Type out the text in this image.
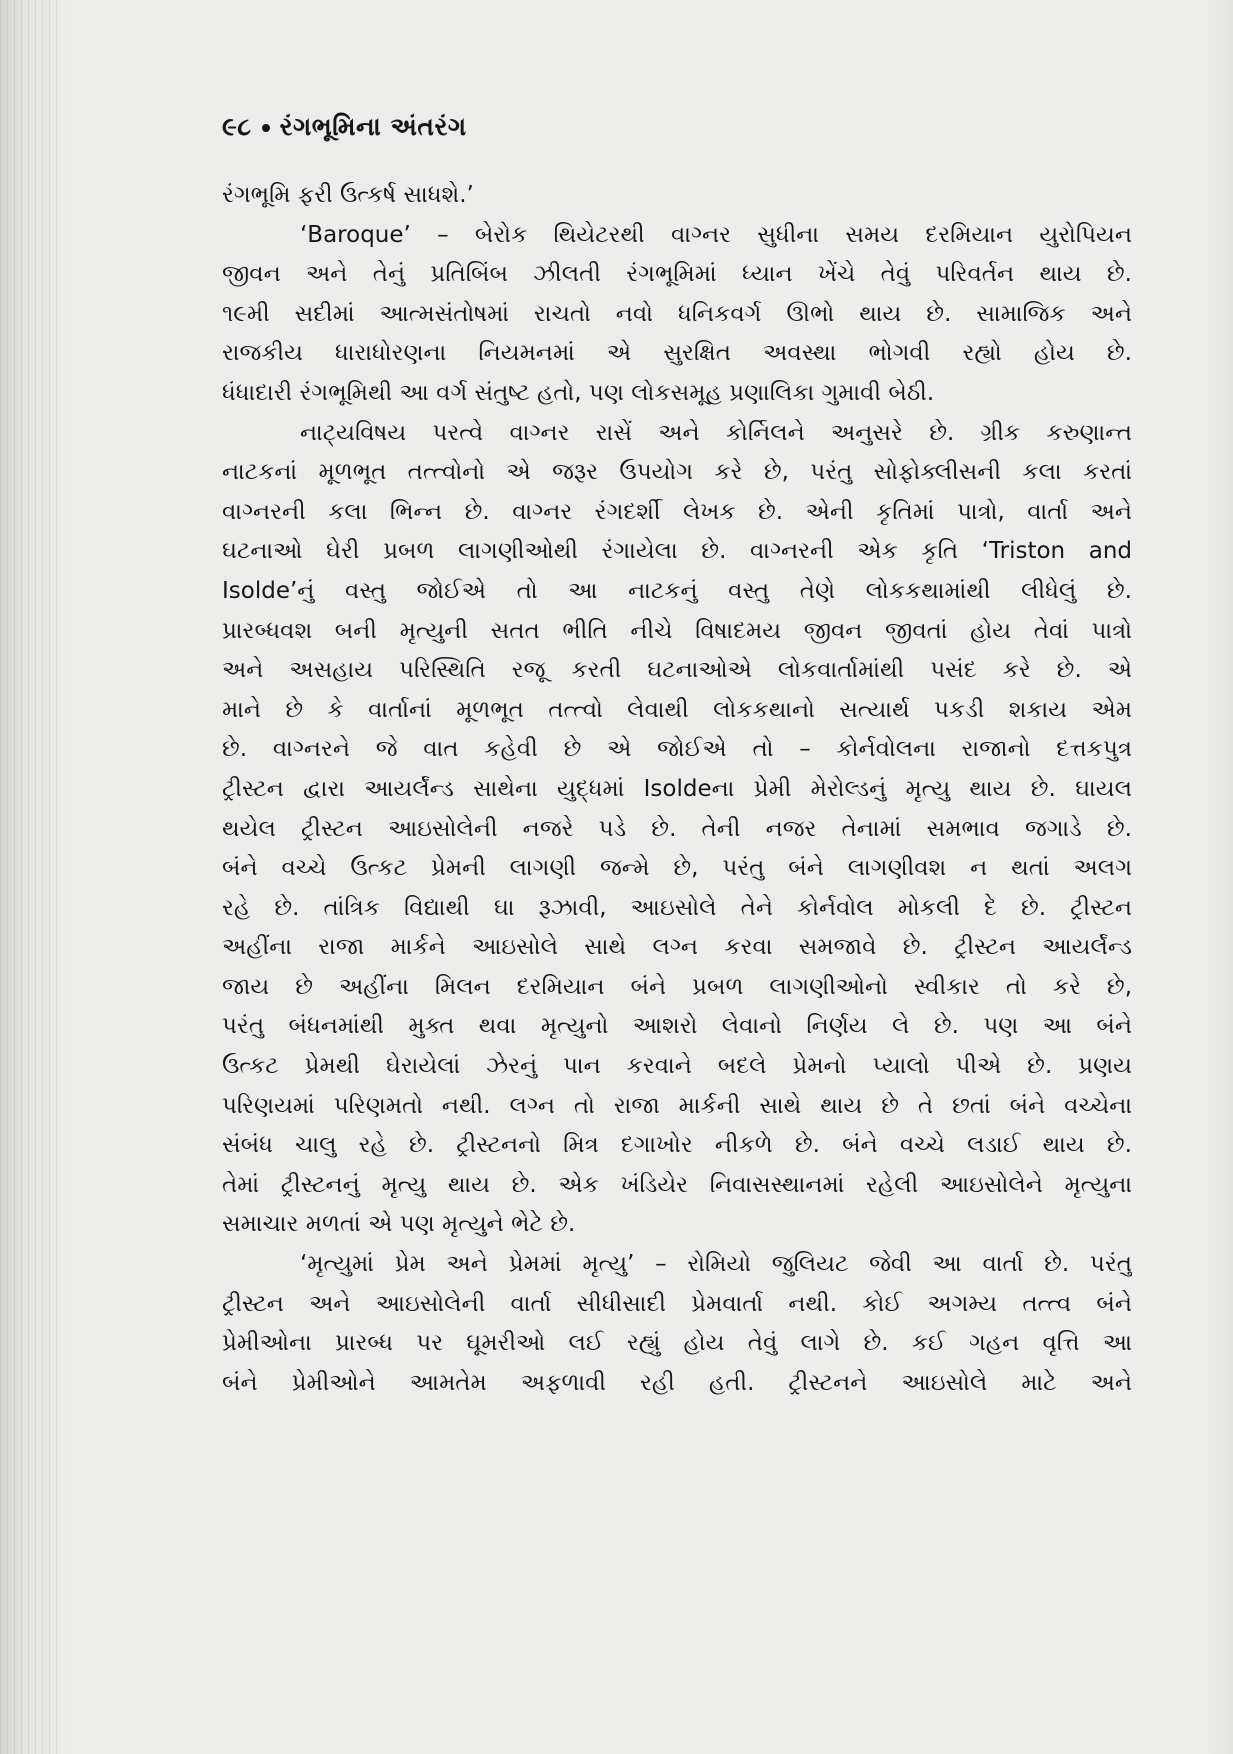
૯૮ રંગભૂમિના અંતરંગ
રંગભૂમિ ફરી ઉત્કર્ષ સાધશે.’
‘Baroque’ – બેરોક થિયેટરથી વાગ્નર સુધીના સમય દરમિયાન યુરોપિયન
જીવન અને તેનું પ્રતિબિંબ ઝીલતી રંગભૂમિમાં ધ્યાન ખેંચે તેવું પરિવર્તન થાય છે.
૧૯મી સદીમાં આત્મસંતોષમાં રાચતો નવો ધનિકવર્ગ ઊભો થાય છે. સામાજિક અને
રાજકીય ધારાધોરણના નિયમનમાં એ સુરક્ષિત અવસ્થા ભોગવી રહ્યો હોય છે.
ધંધાદારી રંગભૂમિથી આ વર્ગ સંતુષ્ટ હતો, પણ લોકસમૂહ પ્રણાલિકા ગુમાવી બેઠી.
નાટ્યવિષય પરત્વે વાગ્નર રાસેં અને કોર્નિલને અનુસરે છે. ગ્રીક કરુણાન્ત
નાટકનાં મૂળભૂત તત્ત્વોનો એ જરૂર ઉપયોગ કરે છે, પરંતુ સોફોક્લીસની કલા કરતાં
વાગ્નરની કલા ભિન્ન છે. વાગ્નર રંગદર્શી લેખક છે. એની કૃતિમાં પાત્રો, વાર્તા અને
ઘટનાઓ ઘેરી પ્રબળ લાગણીઓથી રંગાયેલા છે. વાગ્નરની એક કૃતિ ‘Triston and
Isolde’નું વસ્તુ જોઈએ તો આ નાટકનું વસ્તુ તેણે લોકકથામાંથી લીધેલું છે.
પ્રારબ્ધવશ બની મૃત્યુની સતત ભીતિ નીચે વિષાદમય જીવન જીવતાં હોય તેવાં પાત્રો
અને અસહાય પરિસ્થિતિ રજૂ કરતી ઘટનાઓએ લોકવાર્તામાંથી પસંદ કરે છે. એ
માને છે કે વાર્તાનાં મૂળભૂત તત્ત્વો લેવાથી લોકકથાનો સત્યાર્થ પકડી શકાય એમ
છે. વાગ્નરને જે વાત કહેવી છે એ જોઈએ તો – કોર્નવોલના રાજાનો દત્તકપુત્ર
ટ્રીસ્ટન દ્વારા આયર્લૅન્ડ સાથેના યુદ્ધમાં Isoldeના પ્રેમી મેરોલ્ડનું મૃત્યુ થાય છે. ઘાયલ
થયેલ ટ્રીસ્ટન આઇસોલેની નજરે પડે છે. તેની નજર તેનામાં સમભાવ જગાડે છે.
બંને વચ્ચે ઉત્કટ પ્રેમની લાગણી જન્મે છે, પરંતુ બંને લાગણીવશ ન થતાં અલગ
રહે છે. તાંત્રિક વિદ્યાથી ઘા રૂઝાવી, આઇસોલે તેને કોર્નવોલ મોકલી દે છે. ટ્રીસ્ટન
અહીંના રાજા માર્કને આઇસોલે સાથે લગ્ન કરવા સમજાવે છે. ટ્રીસ્ટન આયર્લૅન્ડ
જાય છે અહીંના મિલન દરમિયાન બંને પ્રબળ લાગણીઓનો સ્વીકાર તો કરે છે,
પરંતુ બંધનમાંથી મુક્ત થવા મૃત્યુનો આશરો લેવાનો નિર્ણય લે છે. પણ આ બંને
ઉત્કટ પ્રેમથી ઘેરાયેલાં ઝેરનું પાન કરવાને બદલે પ્રેમનો પ્યાલો પીએ છે. પ્રણય
પરિણયમાં પરિણમતો નથી. લગ્ન તો રાજા માર્કની સાથે થાય છે તે છતાં બંને વચ્ચેના
સંબંધ ચાલુ રહે છે. ટ્રીસ્ટનનો મિત્ર દગાખોર નીકળે છે. બંને વચ્ચે લડાઈ થાય છે.
તેમાં ટ્રીસ્ટનનું મૃત્યુ થાય છે. એક ખંડિયેર નિવાસસ્થાનમાં રહેલી આઇસોલેને મૃત્યુના
સમાચાર મળતાં એ પણ મૃત્યુને ભેટે છે.
‘મૃત્યુમાં પ્રેમ અને પ્રેમમાં મૃત્યુ’ – રોમિયો જુલિયટ જેવી આ વાર્તા છે. પરંતુ
ટ્રીસ્ટન અને આઇસોલેની વાર્તા સીધીસાદી પ્રેમવાર્તા નથી. કોઈ અગમ્ય તત્ત્વ બંને
પ્રેમીઓના પ્રારબ્ધ પર ઘૂમરીઓ લઈ રહ્યું હોય તેવું લાગે છે. કઈ ગહન વૃત્તિ આ
બંને પ્રેમીઓને આમતેમ અફળાવી રહી હતી. ટ્રીસ્ટનને આઇસોલે માટે અને
